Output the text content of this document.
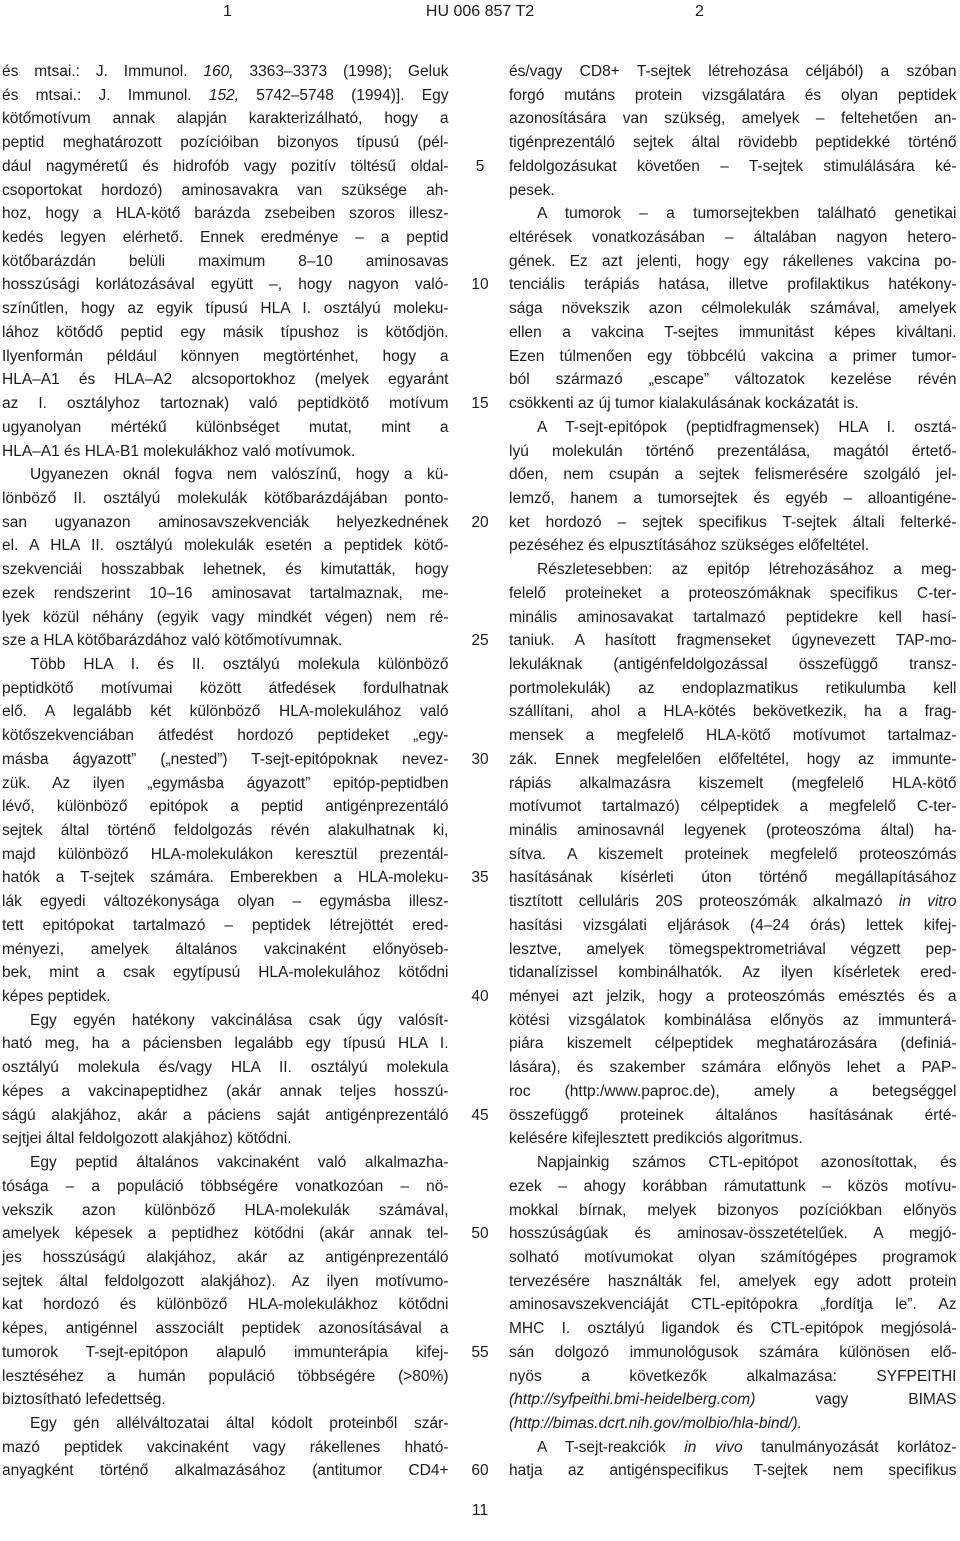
1	HU 006 857 T2	2
és mtsai.: J. Immunol. 160, 3363–3373 (1998); Geluk
és mtsai.: J. Immunol. 152, 5742–5748 (1994)]. Egy
kötőmotívum annak alapján karakterizálható, hogy a
peptid meghatározott pozícióiban bizonyos típusú (pél-
dául nagyméretű és hidrofób vagy pozitív töltésű oldal-
csoportokat hordozó) aminosavakra van szüksége ah-
hoz, hogy a HLA-kötő barázda zsebeiben szoros illesz-
kedés legyen elérhető. Ennek eredménye – a peptid
kötőbarázdán belüli maximum 8–10 aminosavas
hosszúsági korlátozásával együtt –, hogy nagyon való-
színűtlen, hogy az egyik típusú HLA I. osztályú moleku-
lához kötődő peptid egy másik típushoz is kötődjön.
Ilyenformán például könnyen megtörténhet, hogy a
HLA–A1 és HLA–A2 alcsoportokhoz (melyek egyaránt
az I. osztályhoz tartoznak) való peptidkötő motívum
ugyanolyan mértékű különbséget mutat, mint a
HLA–A1 és HLA-B1 molekulákhoz való motívumok.
Ugyanezen oknál fogva nem valószínű, hogy a kü-
lönböző II. osztályú molekulák kötőbarázdájában ponto-
san ugyanazon aminosavszekvenciák helyezkednének
el. A HLA II. osztályú molekulák esetén a peptidek kötő-
szekvenciái hosszabbak lehetnek, és kimutatták, hogy
ezek rendszerint 10–16 aminosavat tartalmaznak, me-
lyek közül néhány (egyik vagy mindkét végen) nem ré-
sze a HLA kötőbarázdához való kötőmotívumnak.
Több HLA I. és II. osztályú molekula különböző
peptidkötő motívumai között átfedések fordulhatnak
elő. A legalább két különböző HLA-molekulához való
kötőszekvenciában átfedést hordozó peptideket „egy-
másba ágyazott” („nested”) T-sejt-epitópoknak nevez-
zük. Az ilyen „egymásba ágyazott” epitóp-peptidben
lévő, különböző epitópok a peptid antigénprezentáló
sejtek által történő feldolgozás révén alakulhatnak ki,
majd különböző HLA-molekulákon keresztül prezentál-
hatók a T-sejtek számára. Emberekben a HLA-moleku-
lák egyedi változékonysága olyan – egymásba illesz-
tett epitópokat tartalmazó – peptidek létrejöttét ered-
ményezi, amelyek általános vakcinaként előnyöseb-
bek, mint a csak egytípusú HLA-molekulához kötődni
képes peptidek.
Egy egyén hatékony vakcinálása csak úgy valósít-
ható meg, ha a páciensben legalább egy típusú HLA I.
osztályú molekula és/vagy HLA II. osztályú molekula
képes a vakcinapeptidhez (akár annak teljes hosszú-
ságú alakjához, akár a páciens saját antigénprezentáló
sejtjei által feldolgozott alakjához) kötődni.
Egy peptid általános vakcinaként való alkalmazha-
tósága – a populáció többségére vonatkozóan – nö-
vekszik azon különböző HLA-molekulák számával,
amelyek képesek a peptidhez kötődni (akár annak tel-
jes hosszúságú alakjához, akár az antigénprezentáló
sejtek által feldolgozott alakjához). Az ilyen motívumo-
kat hordozó és különböző HLA-molekulákhoz kötődni
képes, antigénnel asszociált peptidek azonosításával a
tumorok T-sejt-epitópon alapuló immunterápia kifej-
lesztéséhez a humán populáció többségére (>80%)
biztosítható lefedettség.
Egy gén allélváltozatai által kódolt proteinből szár-
mazó peptidek vakcinaként vagy rákellenes hható-
anyagként történő alkalmazásához (antitumor CD4+
5
10
15
20
25
30
35
40
45
50
55
60
és/vagy CD8+ T-sejtek létrehozása céljából) a szóban
forgó mutáns protein vizsgálatára és olyan peptidek
azonosítására van szükség, amelyek – feltehetően an-
tigénprezentáló sejtek által rövidebb peptidekké történő
feldolgozásukat követően – T-sejtek stimulálására ké-
pesek.
A tumorok – a tumorsejtekben található genetikai
eltérések vonatkozásában – általában nagyon hetero-
gének. Ez azt jelenti, hogy egy rákellenes vakcina po-
tenciális terápiás hatása, illetve profilaktikus hatékony-
sága növekszik azon célmolekulák számával, amelyek
ellen a vakcina T-sejtes immunitást képes kiváltani.
Ezen túlmenően egy többcélú vakcina a primer tumor-
ból származó „escape” változatok kezelése révén
csökkenti az új tumor kialakulásának kockázatát is.
A T-sejt-epitópok (peptidfragmensek) HLA I. osztá-
lyú molekulán történő prezentálása, magától értető-
dően, nem csupán a sejtek felismerésére szolgáló jel-
lemző, hanem a tumorsejtek és egyéb – alloantigéne-
ket hordozó – sejtek specifikus T-sejtek általi felterké-
pezéséhez és elpusztításához szükséges előfeltétel.
Részletesebben: az epitóp létrehozásához a meg-
felelő proteineket a proteoszómáknak specifikus C-ter-
minális aminosavakat tartalmazó peptidekre kell hasí-
taniuk. A hasított fragmenseket úgynevezett TAP-mo-
lekuláknak (antigénfeldolgozással összefüggő transz-
portmolekulák) az endoplazmatikus retikulumba kell
szállítani, ahol a HLA-kötés bekövetkezik, ha a frag-
mensek a megfelelő HLA-kötő motívumot tartalmaz-
zák. Ennek megfelelően előfeltétel, hogy az immunte-
rápiás alkalmazásra kiszemelt (megfelelő HLA-kötő
motívumot tartalmazó) célpeptidek a megfelelő C-ter-
minális aminosavnál legyenek (proteoszóma által) ha-
sítva. A kiszemelt proteinek megfelelő proteoszómás
hasításának kísérleti úton történő megállapításához
tisztított celluláris 20S proteoszómák alkalmazó in vitro
hasítási vizsgálati eljárások (4–24 órás) lettek kifej-
lesztve, amelyek tömegspektrometriával végzett pep-
tidanalízissel kombinálhatók. Az ilyen kísérletek ered-
ményei azt jelzik, hogy a proteoszómás emésztés és a
kötési vizsgálatok kombinálása előnyös az immunterá-
piára kiszemelt célpeptidek meghatározására (definiá-
lására), és szakember számára előnyös lehet a PAP-
roc (http:/www.paproc.de), amely a betegséggel
összefüggő proteinek általános hasításának érté-
kelésére kifejlesztett predikciós algoritmus.
Napjainkig számos CTL-epitópot azonosítottak, és
ezek – ahogy korábban rámutattunk – közös motívu-
mokkal bírnak, melyek bizonyos pozíciókban előnyös
hosszúságúak és aminosav-összetételűek. A megjó-
solható motívumokat olyan számítógépes programok
tervezésére használták fel, amelyek egy adott protein
aminosavszekvenciáját CTL-epitópokra „fordítja le”. Az
MHC I. osztályú ligandok és CTL-epitópok megjósolá-
sán dolgozó immunológusok számára különösen elő-
nyös a következők alkalmazása: SYFPEITHI
(http://syfpeithi.bmi-heidelberg.com) vagy BIMAS
(http://bimas.dcrt.nih.gov/molbio/hla-bind/).
A T-sejt-reakciók in vivo tanulmányozását korlátoz-
hatja az antigénspecifikus T-sejtek nem specifikus
11
